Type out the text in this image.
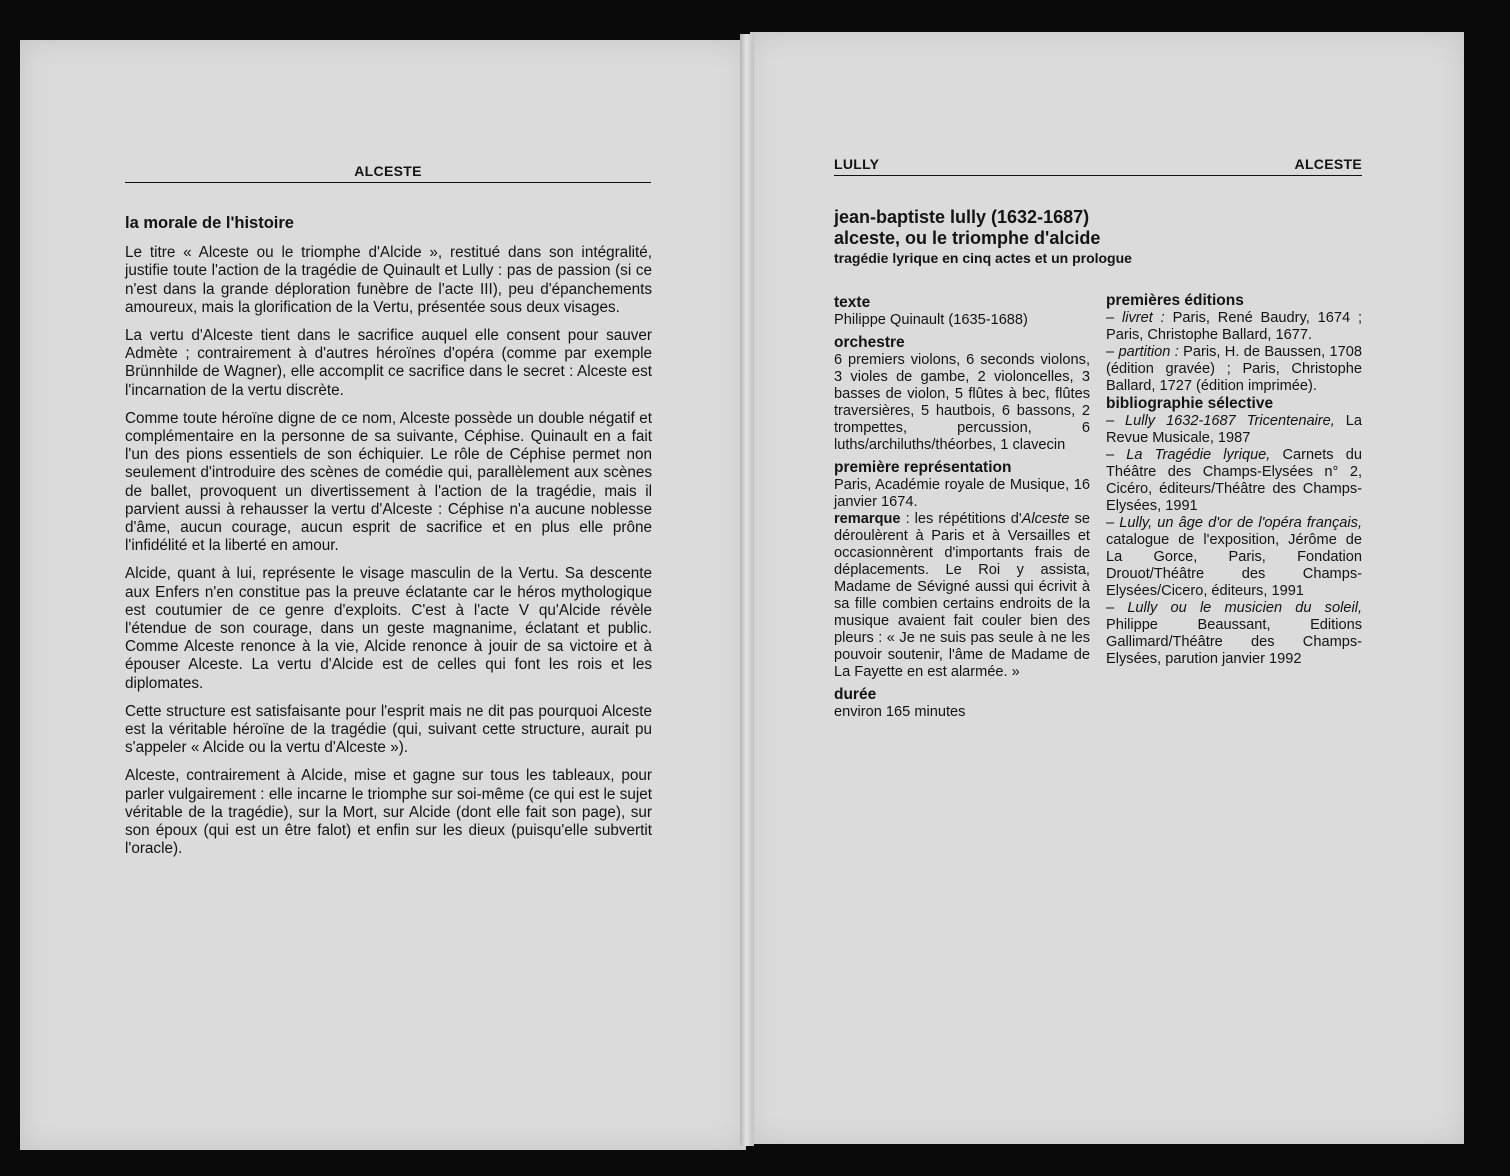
ALCESTE
la morale de l'histoire

Le titre « Alceste ou le triomphe d'Alcide », restitué dans son intégralité, justifie toute l'action de la tragédie de Quinault et Lully : pas de passion (si ce n'est dans la grande déploration funèbre de l'acte III), peu d'épanchements amoureux, mais la glorification de la Vertu, présentée sous deux visages.

La vertu d'Alceste tient dans le sacrifice auquel elle consent pour sauver Admète ; contrairement à d'autres héroïnes d'opéra (comme par exemple Brünnhilde de Wagner), elle accomplit ce sacrifice dans le secret : Alceste est l'incarnation de la vertu discrète.

Comme toute héroïne digne de ce nom, Alceste possède un double négatif et complémentaire en la personne de sa suivante, Céphise. Quinault en a fait l'un des pions essentiels de son échiquier. Le rôle de Céphise permet non seulement d'introduire des scènes de comédie qui, parallèlement aux scènes de ballet, provoquent un divertissement à l'action de la tragédie, mais il parvient aussi à rehausser la vertu d'Alceste : Céphise n'a aucune noblesse d'âme, aucun courage, aucun esprit de sacrifice et en plus elle prône l'infidélité et la liberté en amour.

Alcide, quant à lui, représente le visage masculin de la Vertu. Sa descente aux Enfers n'en constitue pas la preuve éclatante car le héros mythologique est coutumier de ce genre d'exploits. C'est à l'acte V qu'Alcide révèle l'étendue de son courage, dans un geste magnanime, éclatant et public. Comme Alceste renonce à la vie, Alcide renonce à jouir de sa victoire et à épouser Alceste. La vertu d'Alcide est de celles qui font les rois et les diplomates.

Cette structure est satisfaisante pour l'esprit mais ne dit pas pourquoi Alceste est la véritable héroïne de la tragédie (qui, suivant cette structure, aurait pu s'appeler « Alcide ou la vertu d'Alceste »).

Alceste, contrairement à Alcide, mise et gagne sur tous les tableaux, pour parler vulgairement : elle incarne le triomphe sur soi-même (ce qui est le sujet véritable de la tragédie), sur la Mort, sur Alcide (dont elle fait son page), sur son époux (qui est un être falot) et enfin sur les dieux (puisqu'elle subvertit l'oracle).

LULLY	ALCESTE
jean-baptiste lully (1632-1687)
alceste, ou le triomphe d'alcide
tragédie lyrique en cinq actes et un prologue

texte

Philippe Quinault (1635-1688)

orchestre

6 premiers violons, 6 seconds violons, 3 violes de gambe, 2 violoncelles, 3 basses de violon, 5 flûtes à bec, flûtes traversières, 5 hautbois, 6 bassons, 2 trompettes, percussion, 6 luths/archiluths/théorbes, 1 clavecin

première représentation

Paris, Académie royale de Musique, 16 janvier 1674.

remarque : les répétitions d'Alceste se déroulèrent à Paris et à Versailles et occasionnèrent d'importants frais de déplacements. Le Roi y assista, Madame de Sévigné aussi qui écrivit à sa fille combien certains endroits de la musique avaient fait couler bien des pleurs : « Je ne suis pas seule à ne les pouvoir soutenir, l'âme de Madame de La Fayette en est alarmée. »

durée

environ 165 minutes

premières éditions

– livret : Paris, René Baudry, 1674 ; Paris, Christophe Ballard, 1677.

– partition : Paris, H. de Baussen, 1708 (édition gravée) ; Paris, Christophe Ballard, 1727 (édition imprimée).

bibliographie sélective

– Lully 1632-1687 Tricentenaire, La Revue Musicale, 1987

– La Tragédie lyrique, Carnets du Théâtre des Champs-Elysées n° 2, Cicéro, éditeurs/Théâtre des Champs-Elysées, 1991

– Lully, un âge d'or de l'opéra français, catalogue de l'exposition, Jérôme de La Gorce, Paris, Fondation Drouot/Théâtre des Champs-Elysées/Cicero, éditeurs, 1991

– Lully ou le musicien du soleil, Philippe Beaussant, Editions Gallimard/Théâtre des Champs-Elysées, parution janvier 1992
